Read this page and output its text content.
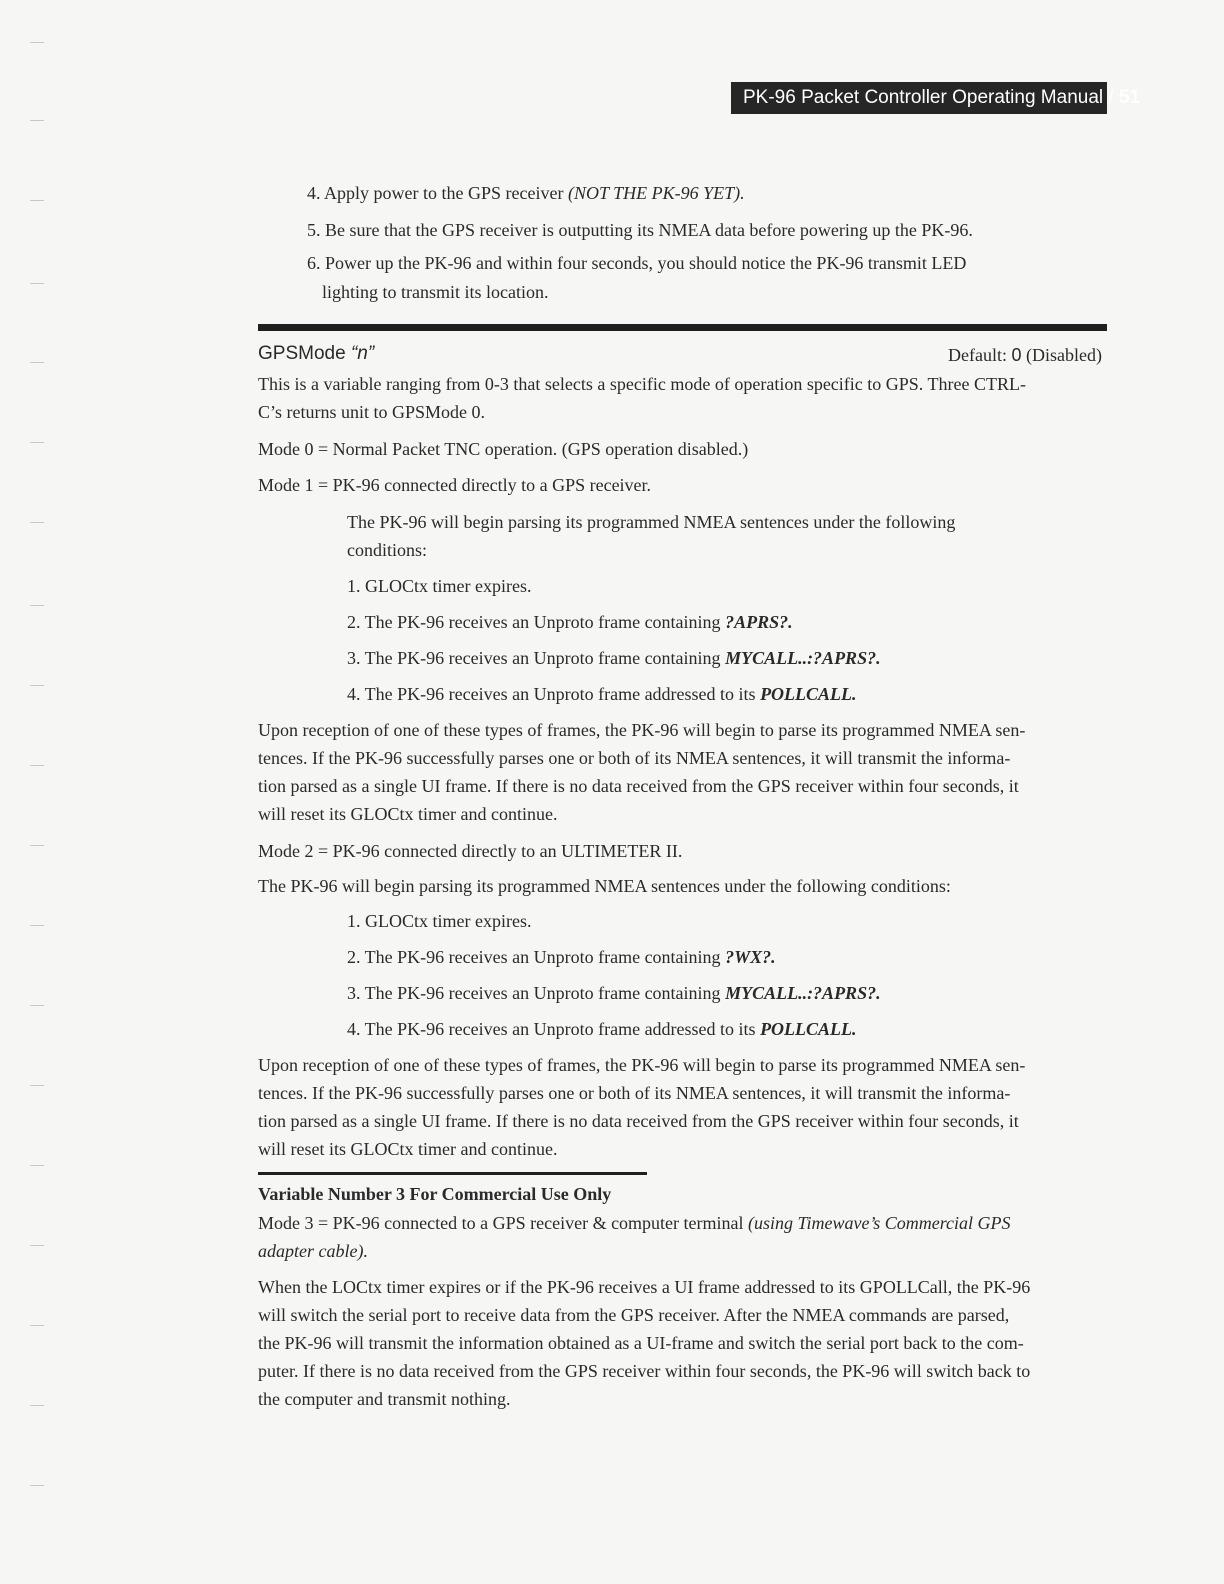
PK-96 Packet Controller Operating Manual / 51
4. Apply power to the GPS receiver (NOT THE PK-96 YET).
5. Be sure that the GPS receiver is outputting its NMEA data before powering up the PK-96.
6. Power up the PK-96 and within four seconds, you should notice the PK-96 transmit LED
lighting to transmit its location.
GPSMode “n”	Default: 0 (Disabled)
This is a variable ranging from 0-3 that selects a specific mode of operation specific to GPS. Three CTRL-
C’s returns unit to GPSMode 0.
Mode 0 = Normal Packet TNC operation. (GPS operation disabled.)
Mode 1 = PK-96 connected directly to a GPS receiver.
The PK-96 will begin parsing its programmed NMEA sentences under the following
conditions:
1. GLOCtx timer expires.
2. The PK-96 receives an Unproto frame containing ?APRS?.
3. The PK-96 receives an Unproto frame containing MYCALL..:?APRS?.
4. The PK-96 receives an Unproto frame addressed to its POLLCALL.
Upon reception of one of these types of frames, the PK-96 will begin to parse its programmed NMEA sen-
tences. If the PK-96 successfully parses one or both of its NMEA sentences, it will transmit the informa-
tion parsed as a single UI frame. If there is no data received from the GPS receiver within four seconds, it
will reset its GLOCtx timer and continue.
Mode 2 = PK-96 connected directly to an ULTIMETER II.
The PK-96 will begin parsing its programmed NMEA sentences under the following conditions:
1. GLOCtx timer expires.
2. The PK-96 receives an Unproto frame containing ?WX?.
3. The PK-96 receives an Unproto frame containing MYCALL..:?APRS?.
4. The PK-96 receives an Unproto frame addressed to its POLLCALL.
Upon reception of one of these types of frames, the PK-96 will begin to parse its programmed NMEA sen-
tences. If the PK-96 successfully parses one or both of its NMEA sentences, it will transmit the informa-
tion parsed as a single UI frame. If there is no data received from the GPS receiver within four seconds, it
will reset its GLOCtx timer and continue.
Variable Number 3 For Commercial Use Only
Mode 3 = PK-96 connected to a GPS receiver & computer terminal (using Timewave’s Commercial GPS
adapter cable).
When the LOCtx timer expires or if the PK-96 receives a UI frame addressed to its GPOLLCall, the PK-96
will switch the serial port to receive data from the GPS receiver. After the NMEA commands are parsed,
the PK-96 will transmit the information obtained as a UI-frame and switch the serial port back to the com-
puter. If there is no data received from the GPS receiver within four seconds, the PK-96 will switch back to
the computer and transmit nothing.
